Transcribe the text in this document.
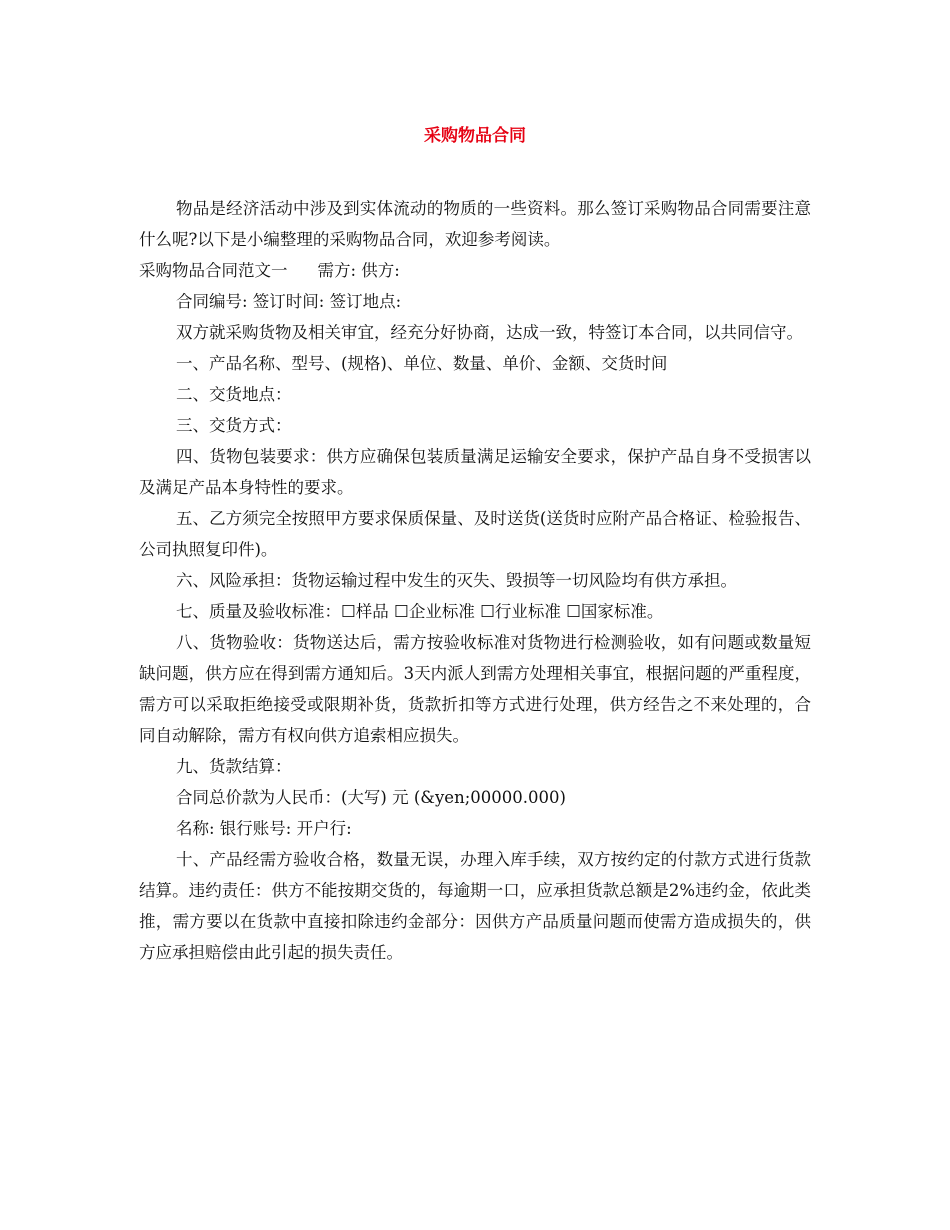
采购物品合同

物品是经济活动中涉及到实体流动的物质的一些资料。那么签订采购物品合同需要注意什么呢?以下是小编整理的采购物品合同，欢迎参考阅读。

采购物品合同范文一 需方: 供方:

合同编号: 签订时间: 签订地点:

双方就采购货物及相关审宜，经充分好协商，达成一致，特签订本合同，以共同信守。

一、产品名称、型号、(规格)、单位、数量、单价、金额、交货时间

二、交货地点：

三、交货方式：

四、货物包装要求：供方应确保包装质量满足运输安全要求，保护产品自身不受损害以及满足产品本身特性的要求。

五、乙方须完全按照甲方要求保质保量、及时送货(送货时应附产品合格证、检验报告、公司执照复印件)。

六、风险承担：货物运输过程中发生的灭失、毁损等一切风险均有供方承担。

七、质量及验收标准：☐样品 ☐企业标准 ☐行业标准 ☐国家标准。

八、货物验收：货物送达后，需方按验收标准对货物进行检测验收，如有问题或数量短缺问题，供方应在得到需方通知后。3天内派人到需方处理相关事宜，根据问题的严重程度，需方可以采取拒绝接受或限期补货，货款折扣等方式进行处理，供方经告之不来处理的，合同自动解除，需方有权向供方追索相应损失。

九、货款结算：

合同总价款为人民币：(大写) 元 (&yen;00000.000)

名称: 银行账号: 开户行:

十、产品经需方验收合格，数量无误，办理入库手续，双方按约定的付款方式进行货款结算。违约责任：供方不能按期交货的，每逾期一口，应承担货款总额是2%违约金，依此类推，需方要以在货款中直接扣除违约金部分：因供方产品质量问题而使需方造成损失的，供方应承担赔偿由此引起的损失责任。
